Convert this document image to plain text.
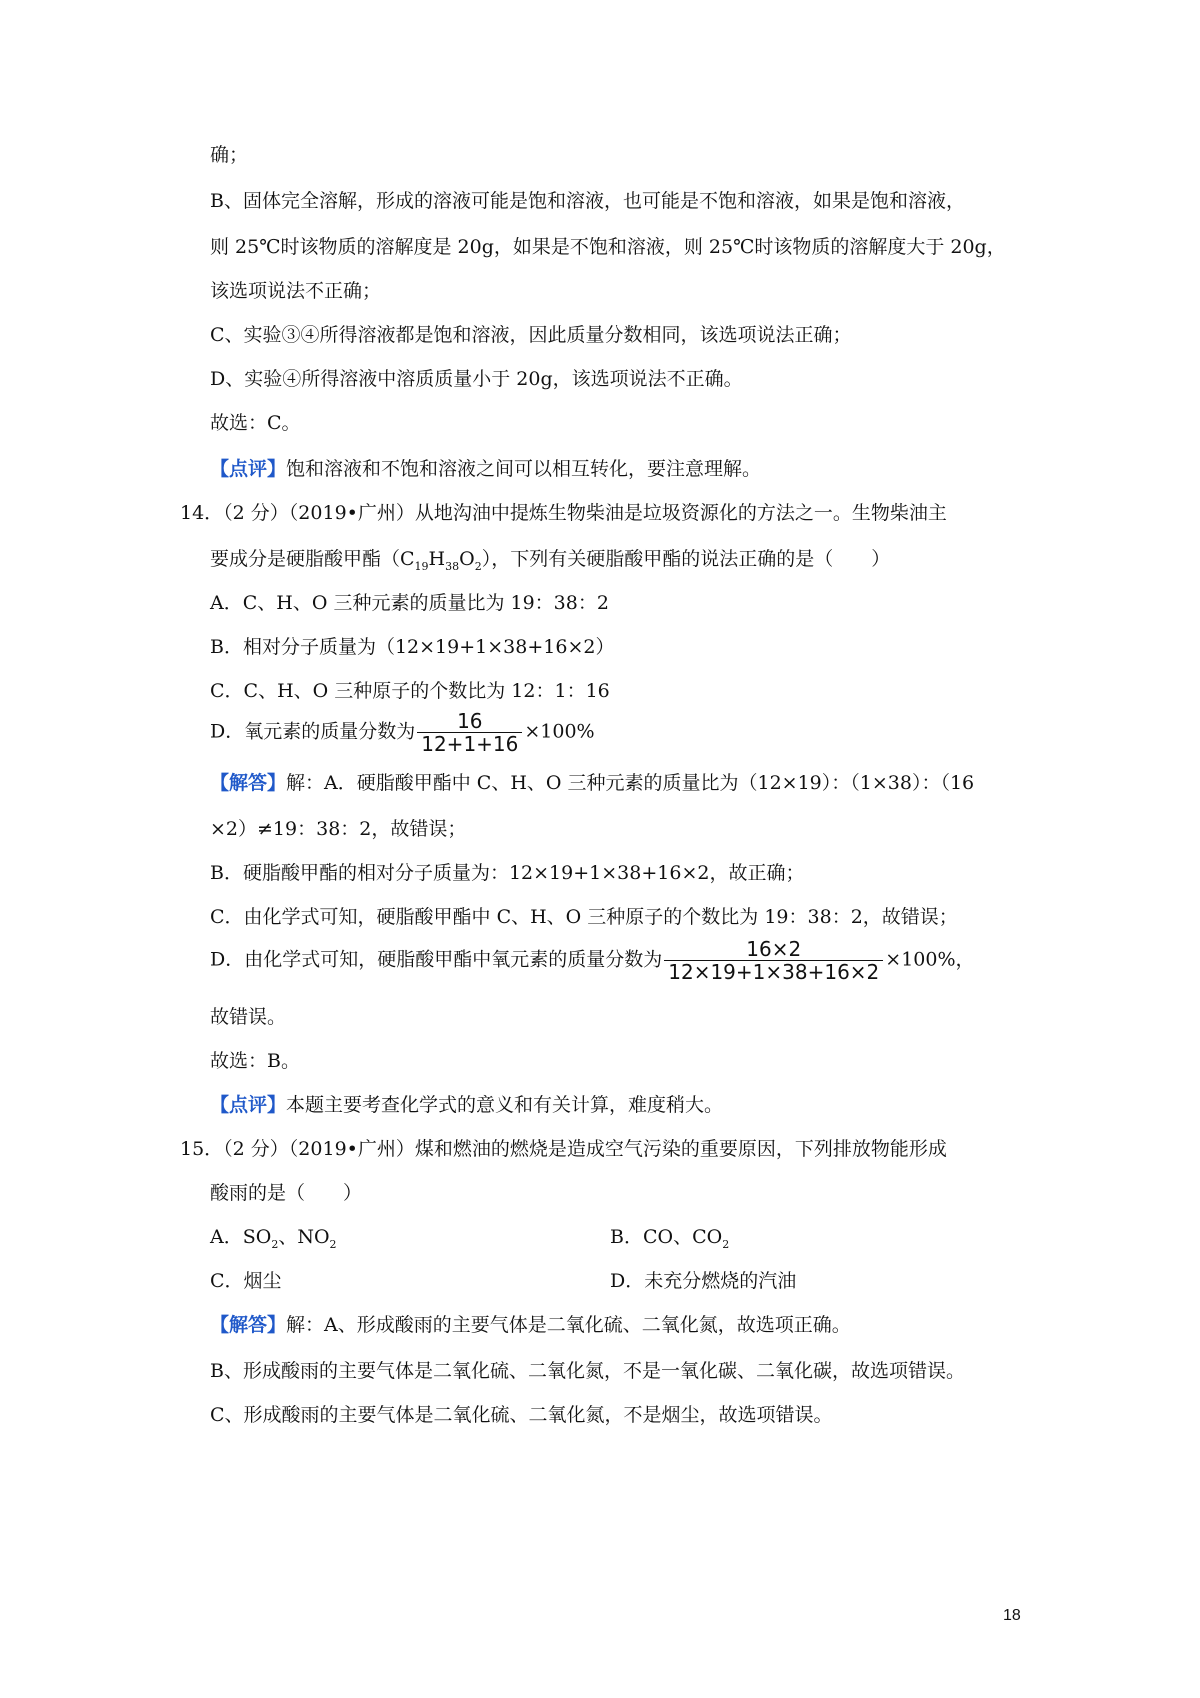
确；
B、固体完全溶解，形成的溶液可能是饱和溶液，也可能是不饱和溶液，如果是饱和溶液，
则 25℃时该物质的溶解度是 20g，如果是不饱和溶液，则 25℃时该物质的溶解度大于 20g，
该选项说法不正确；
C、实验③④所得溶液都是饱和溶液，因此质量分数相同，该选项说法正确；
D、实验④所得溶液中溶质质量小于 20g，该选项说法不正确。
故选：C。
【点评】饱和溶液和不饱和溶液之间可以相互转化，要注意理解。
14．（2 分）（2019•广州）从地沟油中提炼生物柴油是垃圾资源化的方法之一。生物柴油主
要成分是硬脂酸甲酯$(C_{19}H_{38}O_2)$，下列有关硬脂酸甲酯的说法正确的是（　　）
A．C、H、O 三种元素的质量比为 19：38：2
B．相对分子质量为（12×19+1×38+16×2）
C．C、H、O 三种原子的个数比为 12：1：16
D．氧元素的质量分数为 $\frac{16}{12+1+16} \times 100\%$
【解答】解：A．硬脂酸甲酯中 C、H、O 三种元素的质量比为（12×19）：（1×38）：（16
×2）≠19：38：2，故错误；
B．硬脂酸甲酯的相对分子质量为：12×19+1×38+16×2，故正确；
C．由化学式可知，硬脂酸甲酯中 C、H、O 三种原子的个数比为 19：38：2，故错误；
D．由化学式可知，硬脂酸甲酯中氧元素的质量分数为 $\frac{16\times 2}{12\times 19+1\times 38+16\times 2} \times 100\%$，
故错误。
故选：B。
【点评】本题主要考查化学式的意义和有关计算，难度稍大。
15．（2 分）（2019•广州）煤和燃油的燃烧是造成空气污染的重要原因，下列排放物能形成
酸雨的是（　　）
A．$SO_2$、$NO_2$	B．CO、$CO_2$
C．烟尘	D．未充分燃烧的汽油
【解答】解：A、形成酸雨的主要气体是二氧化硫、二氧化氮，故选项正确。
B、形成酸雨的主要气体是二氧化硫、二氧化氮，不是一氧化碳、二氧化碳，故选项错误。
C、形成酸雨的主要气体是二氧化硫、二氧化氮，不是烟尘，故选项错误。
18
